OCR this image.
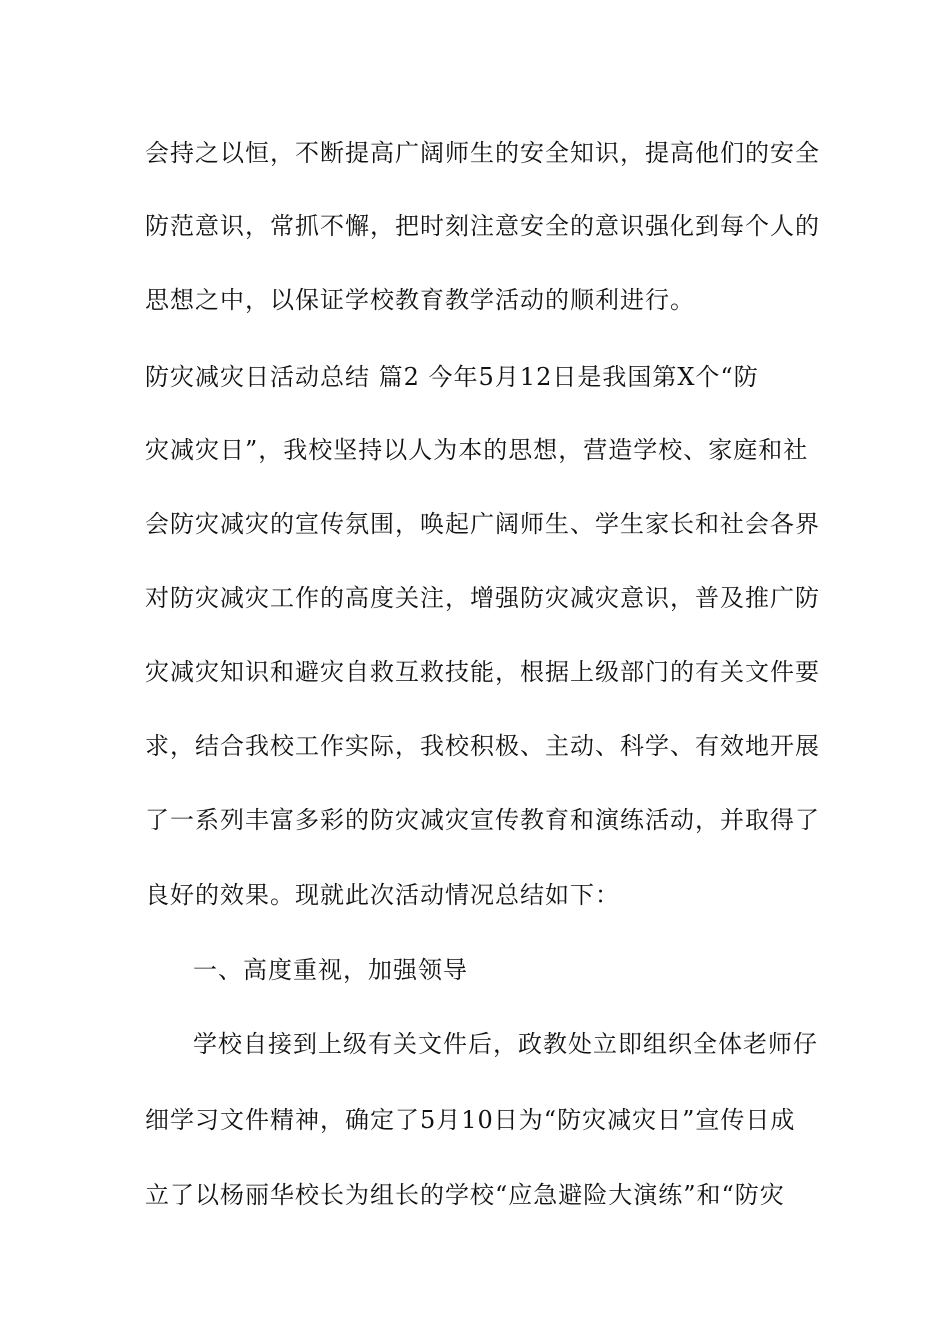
会持之以恒，不断提高广阔师生的安全知识，提高他们的安全
防范意识，常抓不懈，把时刻注意安全的意识强化到每个人的
思想之中，以保证学校教育教学活动的顺利进行。
防灾减灾日活动总结 篇2 今年5月12日是我国第X个“防
灾减灾日”，我校坚持以人为本的思想，营造学校、家庭和社
会防灾减灾的宣传氛围，唤起广阔师生、学生家长和社会各界
对防灾减灾工作的高度关注，增强防灾减灾意识，普及推广防
灾减灾知识和避灾自救互救技能，根据上级部门的有关文件要
求，结合我校工作实际，我校积极、主动、科学、有效地开展
了一系列丰富多彩的防灾减灾宣传教育和演练活动，并取得了
良好的效果。现就此次活动情况总结如下：
一、高度重视，加强领导
学校自接到上级有关文件后，政教处立即组织全体老师仔
细学习文件精神，确定了5月10日为“防灾减灾日”宣传日成
立了以杨丽华校长为组长的学校“应急避险大演练”和“防灾
